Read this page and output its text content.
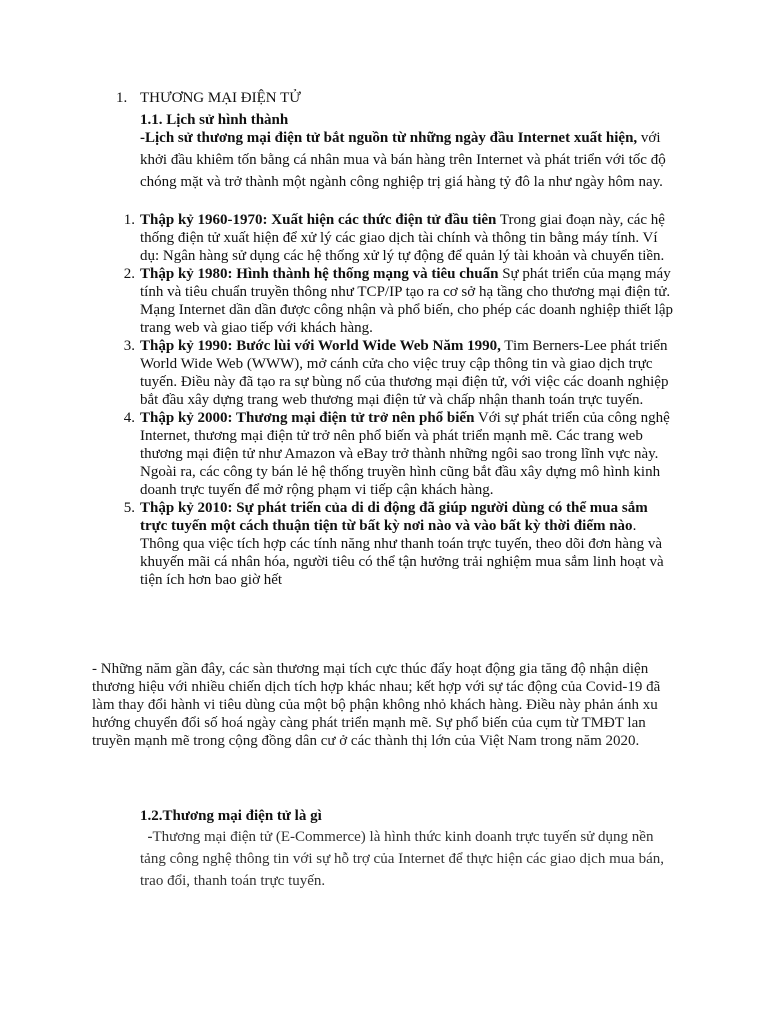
1. THƯƠNG MẠI ĐIỆN TỬ
1.1. Lịch sử hình thành
-Lịch sử thương mại điện tử bắt nguồn từ những ngày đầu Internet xuất hiện, với khởi đầu khiêm tốn bằng cá nhân mua và bán hàng trên Internet và phát triển với tốc độ chóng mặt và trở thành một ngành công nghiệp trị giá hàng tỷ đô la như ngày hôm nay.
1. Thập kỷ 1960-1970: Xuất hiện các thức điện tử đầu tiên Trong giai đoạn này, các hệ thống điện tử xuất hiện để xử lý các giao dịch tài chính và thông tin bằng máy tính. Ví dụ: Ngân hàng sử dụng các hệ thống xử lý tự động để quản lý tài khoản và chuyển tiền.
2. Thập kỷ 1980: Hình thành hệ thống mạng và tiêu chuẩn Sự phát triển của mạng máy tính và tiêu chuẩn truyền thông như TCP/IP tạo ra cơ sở hạ tầng cho thương mại điện tử. Mạng Internet dần dần được công nhận và phổ biến, cho phép các doanh nghiệp thiết lập trang web và giao tiếp với khách hàng.
3. Thập kỷ 1990: Bước lùi với World Wide Web Năm 1990, Tim Berners-Lee phát triển World Wide Web (WWW), mở cánh cửa cho việc truy cập thông tin và giao dịch trực tuyến. Điều này đã tạo ra sự bùng nổ của thương mại điện tử, với việc các doanh nghiệp bắt đầu xây dựng trang web thương mại điện tử và chấp nhận thanh toán trực tuyến.
4. Thập kỷ 2000: Thương mại điện tử trở nên phổ biến Với sự phát triển của công nghệ Internet, thương mại điện tử trở nên phổ biến và phát triển mạnh mẽ. Các trang web thương mại điện tử như Amazon và eBay trở thành những ngôi sao trong lĩnh vực này. Ngoài ra, các công ty bán lẻ hệ thống truyền hình cũng bắt đầu xây dựng mô hình kinh doanh trực tuyến để mở rộng phạm vi tiếp cận khách hàng.
5. Thập kỷ 2010: Sự phát triển của di di động đã giúp người dùng có thể mua sắm trực tuyến một cách thuận tiện từ bất kỳ nơi nào và vào bất kỳ thời điểm nào. Thông qua việc tích hợp các tính năng như thanh toán trực tuyến, theo dõi đơn hàng và khuyến mãi cá nhân hóa, người tiêu có thể tận hưởng trải nghiệm mua sắm linh hoạt và tiện ích hơn bao giờ hết
- Những năm gần đây, các sàn thương mại tích cực thúc đẩy hoạt động gia tăng độ nhận diện thương hiệu với nhiều chiến dịch tích hợp khác nhau; kết hợp với sự tác động của Covid-19 đã làm thay đổi hành vi tiêu dùng của một bộ phận không nhỏ khách hàng. Điều này phản ánh xu hướng chuyển đổi số hoá ngày càng phát triển mạnh mẽ. Sự phổ biến của cụm từ TMĐT lan truyền mạnh mẽ trong cộng đồng dân cư ở các thành thị lớn của Việt Nam trong năm 2020.
1.2.Thương mại điện tử là gì
-Thương mại điện tử (E-Commerce) là hình thức kinh doanh trực tuyến sử dụng nền tảng công nghệ thông tin với sự hỗ trợ của Internet để thực hiện các giao dịch mua bán, trao đổi, thanh toán trực tuyến.
